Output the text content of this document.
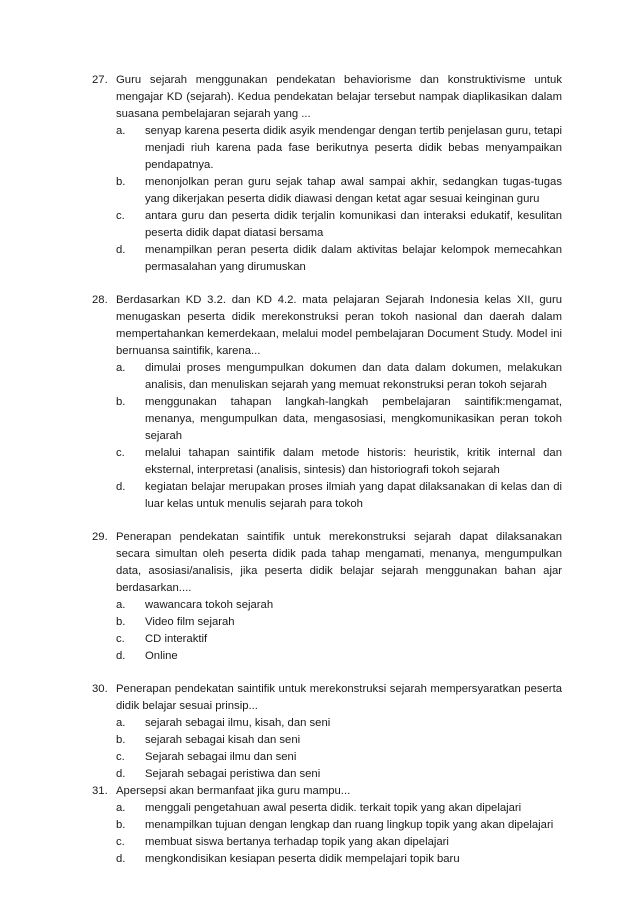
27. Guru sejarah menggunakan pendekatan behaviorisme dan konstruktivisme untuk mengajar KD (sejarah). Kedua pendekatan belajar tersebut nampak diaplikasikan dalam suasana pembelajaran sejarah yang ...
a. senyap karena peserta didik asyik mendengar dengan tertib penjelasan guru, tetapi menjadi riuh karena pada fase berikutnya peserta didik bebas menyampaikan pendapatnya.
b. menonjolkan peran guru sejak tahap awal sampai akhir, sedangkan tugas-tugas yang dikerjakan peserta didik diawasi dengan ketat agar sesuai keinginan guru
c. antara guru dan peserta didik terjalin komunikasi dan interaksi edukatif, kesulitan peserta didik dapat diatasi bersama
d. menampilkan peran peserta didik dalam aktivitas belajar kelompok memecahkan permasalahan yang dirumuskan
28. Berdasarkan KD 3.2. dan KD 4.2. mata pelajaran Sejarah Indonesia kelas XII, guru menugaskan peserta didik merekonstruksi peran tokoh nasional dan daerah dalam mempertahankan kemerdekaan, melalui model pembelajaran Document Study. Model ini bernuansa saintifik, karena...
a. dimulai proses mengumpulkan dokumen dan data dalam dokumen, melakukan analisis, dan menuliskan sejarah yang memuat rekonstruksi peran tokoh sejarah
b. menggunakan tahapan langkah-langkah pembelajaran saintifik:mengamat, menanya, mengumpulkan data, mengasosiasi, mengkomunikasikan peran tokoh sejarah
c. melalui tahapan saintifik dalam metode historis: heuristik, kritik internal dan eksternal, interpretasi (analisis, sintesis) dan historiografi tokoh sejarah
d. kegiatan belajar merupakan proses ilmiah yang dapat dilaksanakan di kelas dan di luar kelas untuk menulis sejarah para tokoh
29. Penerapan pendekatan saintifik untuk merekonstruksi sejarah dapat dilaksanakan secara simultan oleh peserta didik pada tahap mengamati, menanya, mengumpulkan data, asosiasi/analisis, jika peserta didik belajar sejarah menggunakan bahan ajar berdasarkan....
a. wawancara tokoh sejarah
b. Video film sejarah
c. CD interaktif
d. Online
30. Penerapan pendekatan saintifik untuk merekonstruksi sejarah mempersyaratkan peserta didik belajar sesuai prinsip...
a. sejarah sebagai ilmu, kisah, dan seni
b. sejarah sebagai kisah dan seni
c. Sejarah sebagai ilmu dan seni
d. Sejarah sebagai peristiwa dan seni
31. Apersepsi akan bermanfaat jika guru mampu...
a. menggali pengetahuan awal peserta didik. terkait topik yang akan dipelajari
b. menampilkan tujuan dengan lengkap dan ruang lingkup topik yang akan dipelajari
c. membuat siswa bertanya terhadap topik yang akan dipelajari
d. mengkondisikan kesiapan peserta didik mempelajari topik baru
